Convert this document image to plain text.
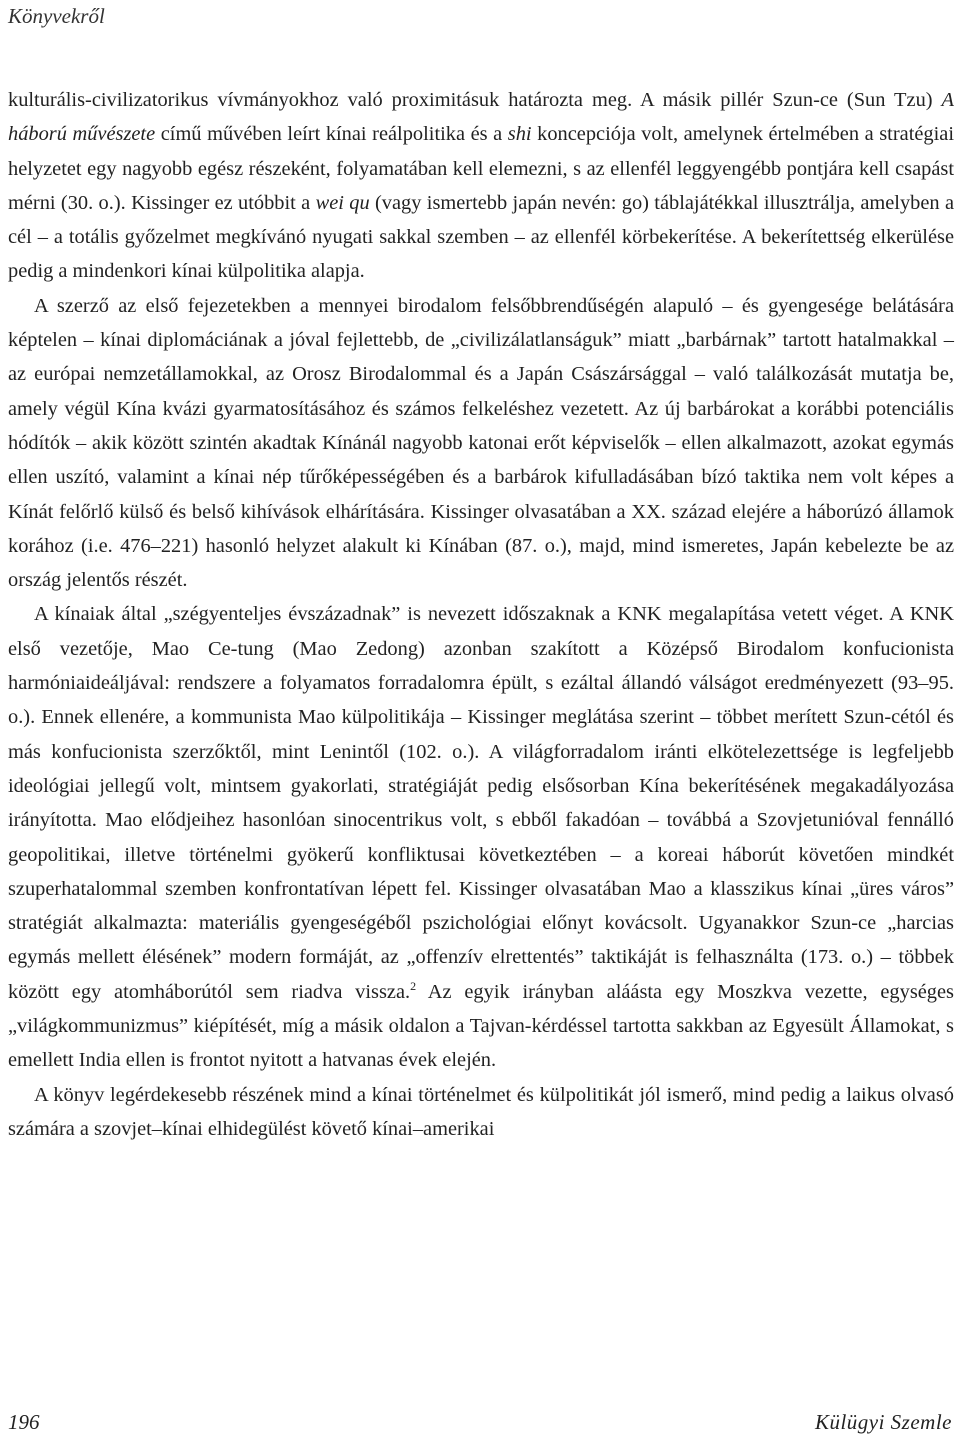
Könyvekről

kulturális-civilizatorikus vívmányokhoz való proximitásuk határozta meg. A másik pillér Szun-ce (Sun Tzu) A háború művészete című művében leírt kínai reálpolitika és a shi koncepciója volt, amelynek értelmében a stratégiai helyzetet egy nagyobb egész részeként, folyamatában kell elemezni, s az ellenfél leggyengébb pontjára kell csapást mérni (30. o.). Kissinger ez utóbbit a wei qu (vagy ismertebb japán nevén: go) táblajátékkal illusztrálja, amelyben a cél – a totális győzelmet megkívánó nyugati sakkal szemben – az ellenfél körbekerítése. A bekerítettség elkerülése pedig a mindenkori kínai külpolitika alapja.

A szerző az első fejezetekben a mennyei birodalom felsőbbrendűségén alapuló – és gyengesége belátására képtelen – kínai diplomáciának a jóval fejlettebb, de „civilizálatlanságuk” miatt „barbárnak” tartott hatalmakkal – az európai nemzetállamokkal, az Orosz Birodalommal és a Japán Császársággal – való találkozását mutatja be, amely végül Kína kvázi gyarmatosításához és számos felkeléshez vezetett. Az új barbárokat a korábbi potenciális hódítók – akik között szintén akadtak Kínánál nagyobb katonai erőt képviselők – ellen alkalmazott, azokat egymás ellen uszító, valamint a kínai nép tűrőképességében és a barbárok kifulladásában bízó taktika nem volt képes a Kínát felőrlő külső és belső kihívások elhárítására. Kissinger olvasatában a XX. század elejére a háborúzó államok korához (i.e. 476–221) hasonló helyzet alakult ki Kínában (87. o.), majd, mind ismeretes, Japán kebelezte be az ország jelentős részét.

A kínaiak által „szégyenteljes évszázadnak” is nevezett időszaknak a KNK megalapítása vetett véget. A KNK első vezetője, Mao Ce-tung (Mao Zedong) azonban szakított a Középső Birodalom konfucionista harmóniaideáljával: rendszere a folyamatos forradalomra épült, s ezáltal állandó válságot eredményezett (93–95. o.). Ennek ellenére, a kommunista Mao külpolitikája – Kissinger meglátása szerint – többet merített Szun-cétól és más konfucionista szerzőktől, mint Lenintől (102. o.). A világforradalom iránti elkötelezettsége is legfeljebb ideológiai jellegű volt, mintsem gyakorlati, stratégiáját pedig elsősorban Kína bekerítésének megakadályozása irányította. Mao elődjeihez hasonlóan sinocentrikus volt, s ebből fakadóan – továbbá a Szovjetunióval fennálló geopolitikai, illetve történelmi gyökerű konfliktusai következtében – a koreai háborút követően mindkét szuperhatalommal szemben konfrontatívan lépett fel. Kissinger olvasatában Mao a klasszikus kínai „üres város” stratégiát alkalmazta: materiális gyengeségéből pszichológiai előnyt kovácsolt. Ugyanakkor Szun-ce „harcias egymás mellett élésének” modern formáját, az „offenzív elrettentés” taktikáját is felhasználta (173. o.) – többek között egy atomháborútól sem riadva vissza.$^2$ Az egyik irányban aláásta egy Moszkva vezette, egységes „világkommunizmus” kiépítését, míg a másik oldalon a Tajvan-kérdéssel tartotta sakkban az Egyesült Államokat, s emellett India ellen is frontot nyitott a hatvanas évek elején.

A könyv legérdekesebb részének mind a kínai történelmet és külpolitikát jól ismerő, mind pedig a laikus olvasó számára a szovjet–kínai elhidegülést követő kínai–amerikai

196	Külügyi Szemle
